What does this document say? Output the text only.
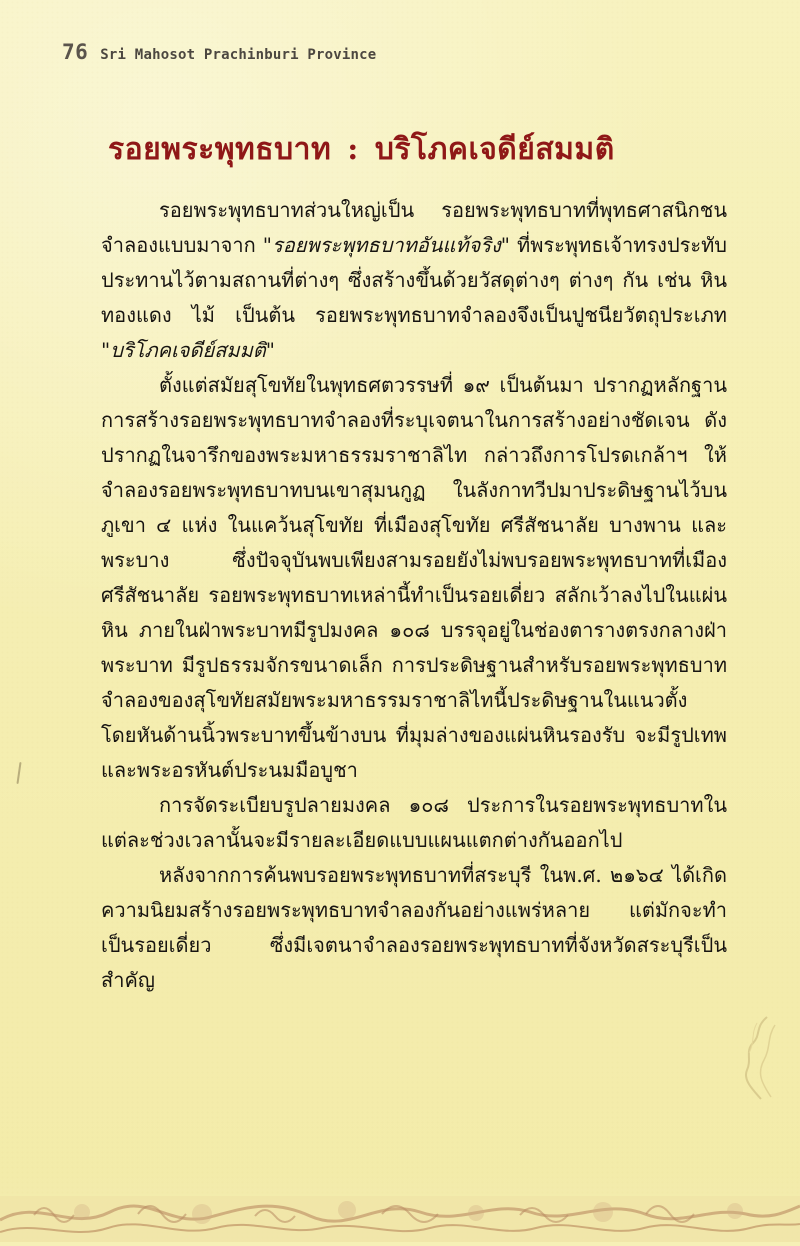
76 Sri Mahosot Prachinburi Province
รอยพระพุทธบาท : บริโภคเจดีย์สมมติ

รอยพระพุทธบาทส่วนใหญ่เป็น รอยพระพุทธบาทที่พุทธศาสนิกชนจำลองแบบมาจาก "รอยพระพุทธบาทอันแท้จริง" ที่พระพุทธเจ้าทรงประทับประทานไว้ตามสถานที่ต่างๆ ซึ่งสร้างขึ้นด้วยวัสดุต่างๆ ต่างๆ กัน เช่น หิน ทองแดง ไม้ เป็นต้น รอยพระพุทธบาทจำลองจึงเป็นปูชนียวัตถุประเภท "บริโภคเจดีย์สมมติ"

ตั้งแต่สมัยสุโขทัยในพุทธศตวรรษที่ ๑๙ เป็นต้นมา ปรากฏหลักฐานการสร้างรอยพระพุทธบาทจำลองที่ระบุเจตนาในการสร้างอย่างชัดเจน ดังปรากฏในจารึกของพระมหาธรรมราชาลิไท กล่าวถึงการโปรดเกล้าฯ ให้จำลองรอยพระพุทธบาทบนเขาสุมนกูฏ ในลังกาทวีปมาประดิษฐานไว้บนภูเขา ๔ แห่ง ในแคว้นสุโขทัย ที่เมืองสุโขทัย ศรีสัชนาลัย บางพาน และพระบาง ซึ่งปัจจุบันพบเพียงสามรอยยังไม่พบรอยพระพุทธบาทที่เมืองศรีสัชนาลัย รอยพระพุทธบาทเหล่านี้ทำเป็นรอยเดี่ยว สลักเว้าลงไปในแผ่นหิน ภายในฝ่าพระบาทมีรูปมงคล ๑๐๘ บรรจุอยู่ในช่องตารางตรงกลางฝ่าพระบาท มีรูปธรรมจักรขนาดเล็ก การประดิษฐานสำหรับรอยพระพุทธบาทจำลองของสุโขทัยสมัยพระมหาธรรมราชาลิไทนี้ประดิษฐานในแนวตั้ง โดยหันด้านนิ้วพระบาทขึ้นข้างบน ที่มุมล่างของแผ่นหินรองรับ จะมีรูปเทพและพระอรหันต์ประนมมือบูชา

การจัดระเบียบรูปลายมงคล ๑๐๘ ประการในรอยพระพุทธบาทในแต่ละช่วงเวลานั้นจะมีรายละเอียดแบบแผนแตกต่างกันออกไป

หลังจากการค้นพบรอยพระพุทธบาทที่สระบุรี ในพ.ศ. ๒๑๖๔ ได้เกิดความนิยมสร้างรอยพระพุทธบาทจำลองกันอย่างแพร่หลาย แต่มักจะทำเป็นรอยเดี่ยว ซึ่งมีเจตนาจำลองรอยพระพุทธบาทที่จังหวัดสระบุรีเป็นสำคัญ
